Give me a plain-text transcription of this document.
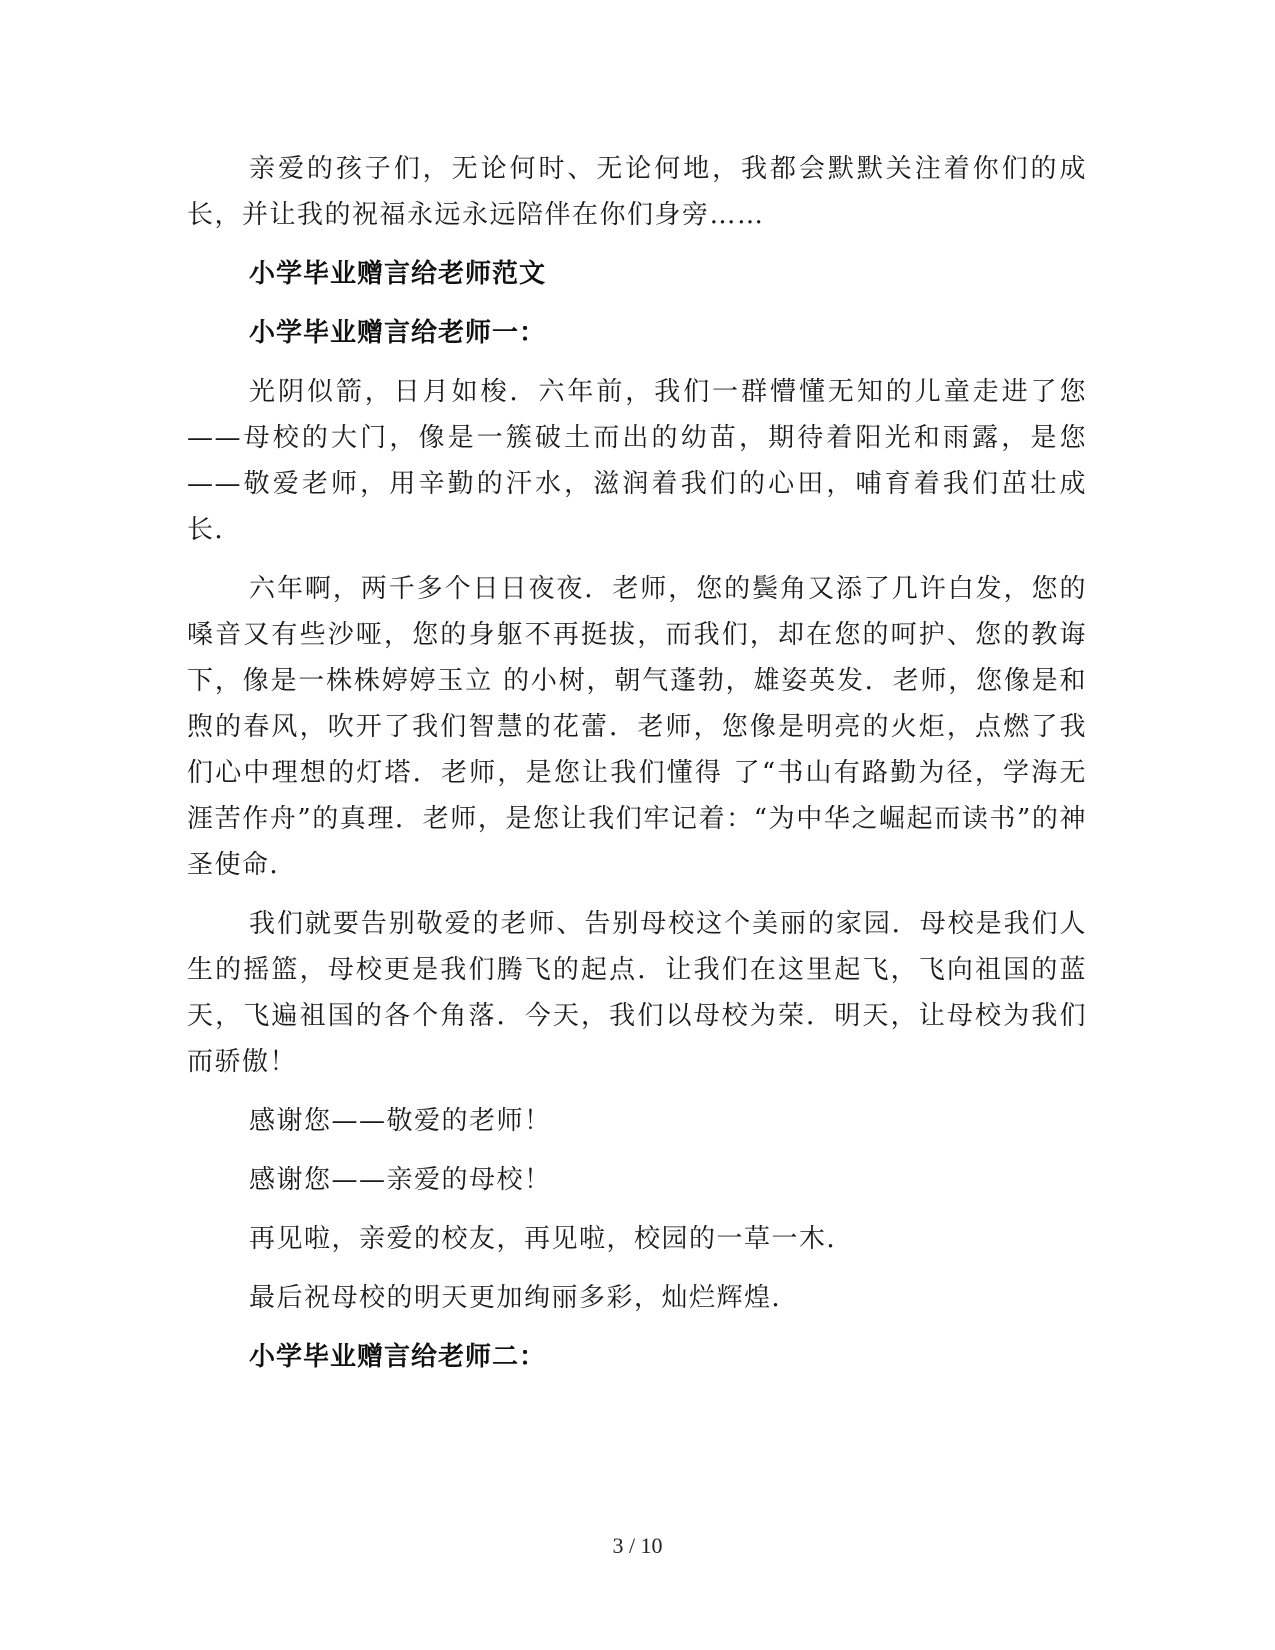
亲爱的孩子们，无论何时、无论何地，我都会默默关注着你们的成长，并让我的祝福永远永远陪伴在你们身旁……

小学毕业赠言给老师范文

小学毕业赠言给老师一：

光阴似箭，日月如梭．六年前，我们一群懵懂无知的儿童走进了您——母校的大门，像是一簇破土而出的幼苗，期待着阳光和雨露，是您——敬爱老师，用辛勤的汗水，滋润着我们的心田，哺育着我们茁壮成长．

六年啊，两千多个日日夜夜．老师，您的鬓角又添了几许白发，您的嗓音又有些沙哑，您的身躯不再挺拔，而我们，却在您的呵护、您的教诲下，像是一株株婷婷玉立 的小树，朝气蓬勃，雄姿英发．老师，您像是和煦的春风，吹开了我们智慧的花蕾．老师，您像是明亮的火炬，点燃了我们心中理想的灯塔．老师，是您让我们懂得 了“书山有路勤为径，学海无涯苦作舟”的真理．老师，是您让我们牢记着：“为中华之崛起而读书”的神圣使命．

我们就要告别敬爱的老师、告别母校这个美丽的家园．母校是我们人生的摇篮，母校更是我们腾飞的起点．让我们在这里起飞，飞向祖国的蓝天，飞遍祖国的各个角落．今天，我们以母校为荣．明天，让母校为我们而骄傲！

感谢您——敬爱的老师！

感谢您——亲爱的母校！

再见啦，亲爱的校友，再见啦，校园的一草一木．

最后祝母校的明天更加绚丽多彩，灿烂辉煌．

小学毕业赠言给老师二：

3 / 10
